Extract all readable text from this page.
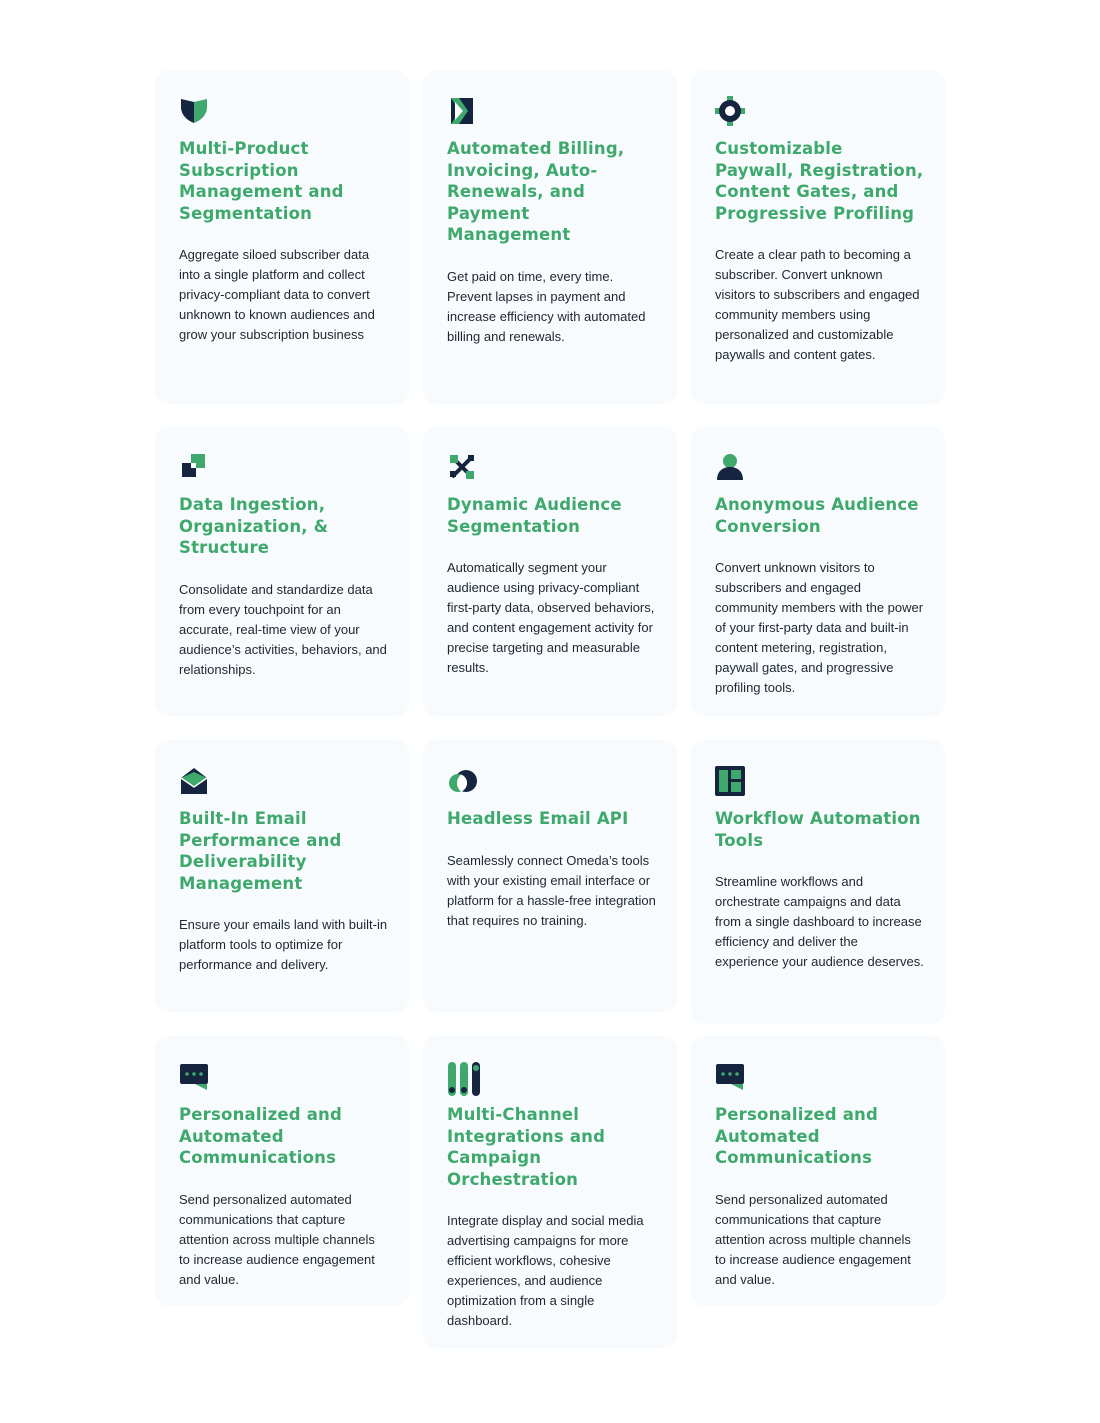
Multi-Product Subscription Management and Segmentation

Aggregate siloed subscriber data into a single platform and collect privacy-compliant data to convert unknown to known audiences and grow your subscription business

Automated Billing, Invoicing, Auto-Renewals, and Payment Management

Get paid on time, every time. Prevent lapses in payment and increase efficiency with automated billing and renewals.

Customizable Paywall, Registration, Content Gates, and Progressive Profiling

Create a clear path to becoming a subscriber. Convert unknown visitors to subscribers and engaged community members using personalized and customizable paywalls and content gates.

Data Ingestion, Organization, & Structure

Consolidate and standardize data from every touchpoint for an accurate, real-time view of your audience’s activities, behaviors, and relationships.

Dynamic Audience Segmentation

Automatically segment your audience using privacy-compliant first-party data, observed behaviors, and content engagement activity for precise targeting and measurable results.

Anonymous Audience Conversion

Convert unknown visitors to subscribers and engaged community members with the power of your first-party data and built-in content metering, registration, paywall gates, and progressive profiling tools.

Built-In Email Performance and Deliverability Management

Ensure your emails land with built-in platform tools to optimize for performance and delivery.

Headless Email API

Seamlessly connect Omeda’s tools with your existing email interface or platform for a hassle-free integration that requires no training.

Workflow Automation Tools

Streamline workflows and orchestrate campaigns and data from a single dashboard to increase efficiency and deliver the experience your audience deserves.

Personalized and Automated Communications

Send personalized automated communications that capture attention across multiple channels to increase audience engagement and value.

Multi-Channel Integrations and Campaign Orchestration

Integrate display and social media advertising campaigns for more efficient workflows, cohesive experiences, and audience optimization from a single dashboard.

Personalized and Automated Communications

Send personalized automated communications that capture attention across multiple channels to increase audience engagement and value.
